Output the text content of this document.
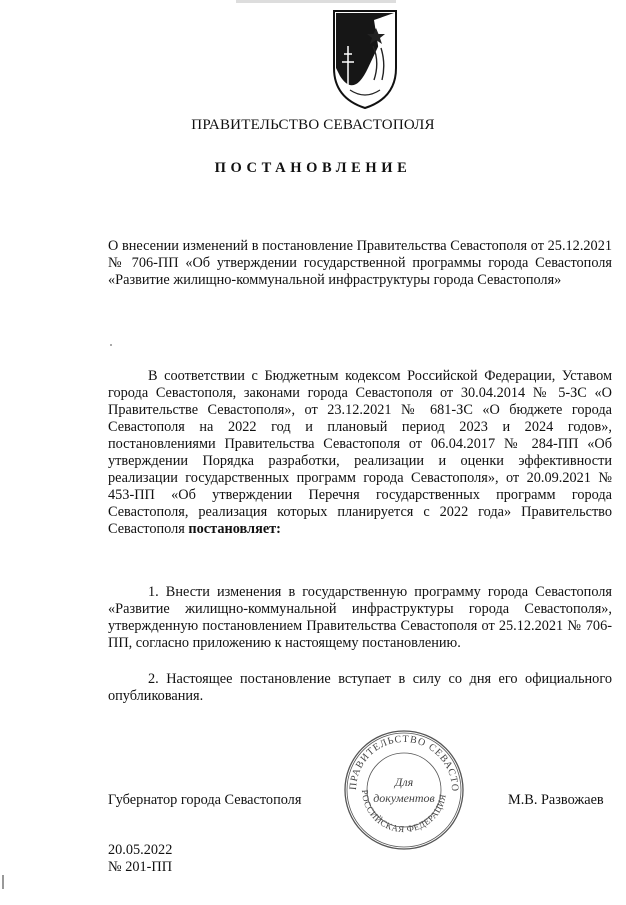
ПРАВИТЕЛЬСТВО СЕВАСТОПОЛЯ
ПОСТАНОВЛЕНИЕ
О внесении изменений в постановление Правительства Севастополя от 25.12.2021 № 706-ПП «Об утверждении государственной программы города Севастополя «Развитие жилищно-коммунальной инфраструктуры города Севастополя»

В соответствии с Бюджетным кодексом Российской Федерации, Уставом города Севастополя, законами города Севастополя от 30.04.2014 № 5-ЗС «О Правительстве Севастополя», от 23.12.2021 № 681-ЗС «О бюджете города Севастополя на 2022 год и плановый период 2023 и 2024 годов», постановлениями Правительства Севастополя от 06.04.2017 № 284-ПП «Об утверждении Порядка разработки, реализации и оценки эффективности реализации государственных программ города Севастополя», от 20.09.2021 № 453-ПП «Об утверждении Перечня государственных программ города Севастополя, реализация которых планируется с 2022 года» Правительство Севастополя постановляет:

1. Внести изменения в государственную программу города Севастополя «Развитие жилищно-коммунальной инфраструктуры города Севастополя», утвержденную постановлением Правительства Севастополя от 25.12.2021 № 706-ПП, согласно приложению к настоящему постановлению.

2. Настоящее постановление вступает в силу со дня его официального опубликования.

ПРАВИТЕЛЬСТВО СЕВАСТО
РОССИЙСКАЯ ФЕДЕРАЦИЯ
Для
документов
Губернатор города Севастополя	М.В. Развожаев
20.05.2022
№ 201-ПП
